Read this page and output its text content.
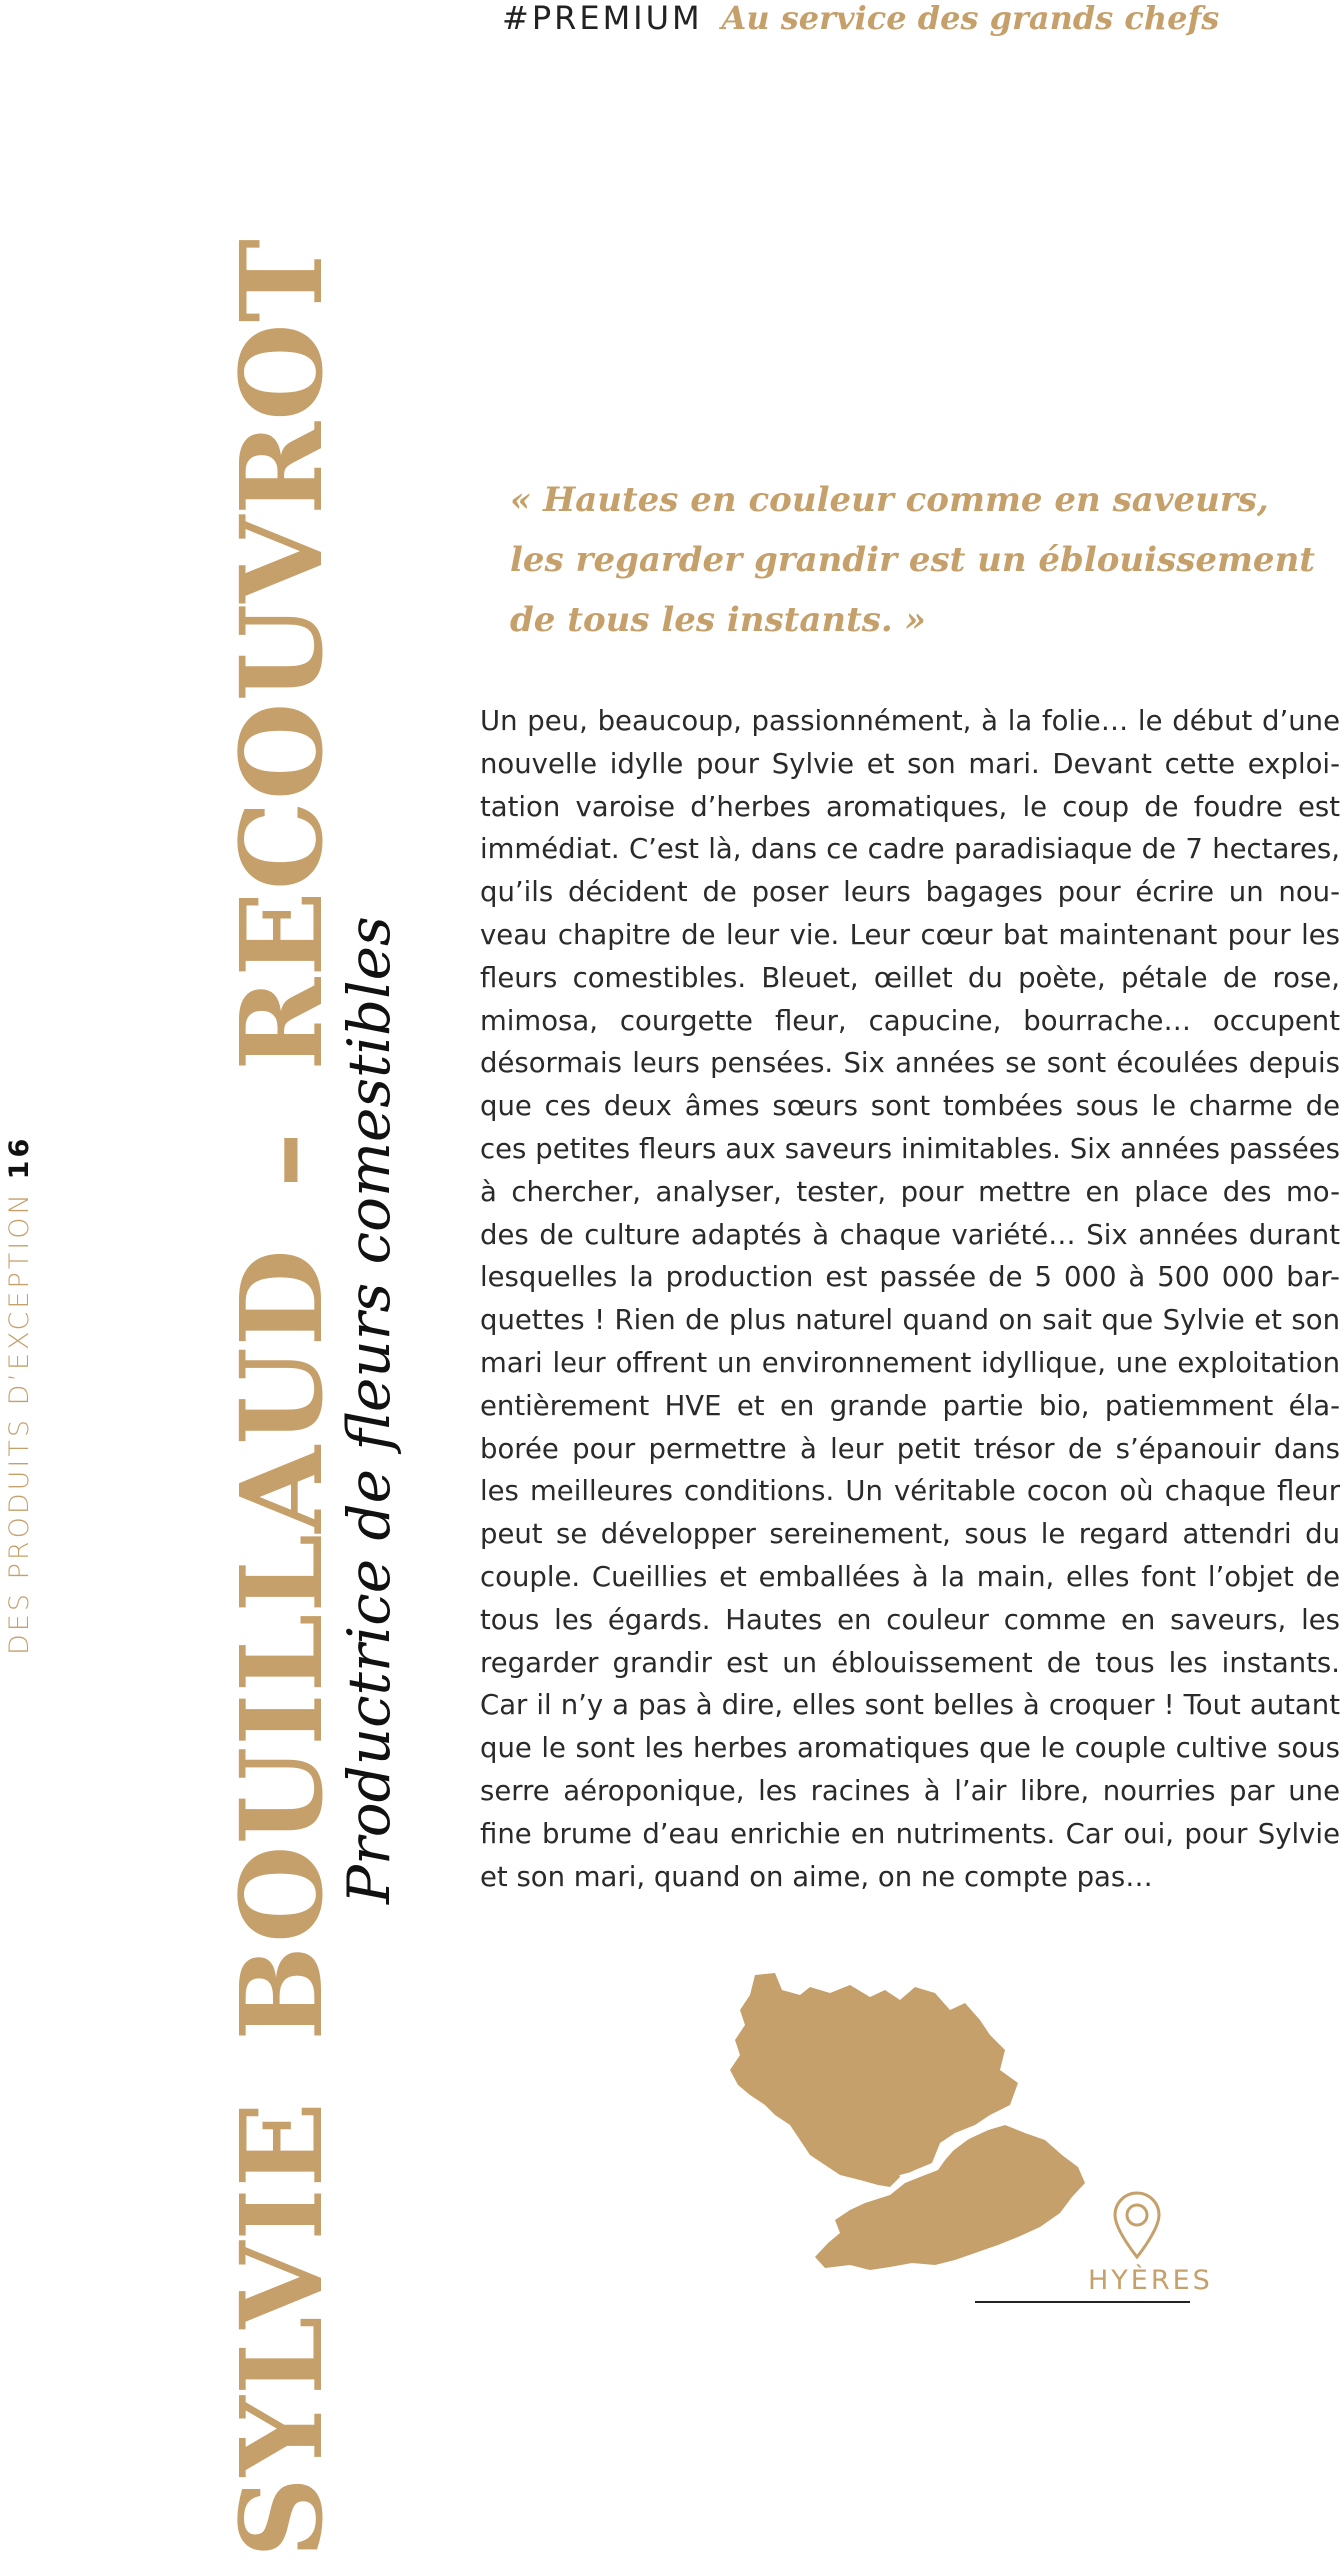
#PREMIUM Au service des grands chefs
DES PRODUITS D’EXCEPTION16 SYLVIE BOUILLAUD – RECOUVROT
Productrice de fleurs comestibles

« Hautes en couleur comme en saveurs,

les regarder grandir est un éblouissement

de tous les instants. »

Un peu, beaucoup, passionnément, à la folie… le début d’une

nouvelle idylle pour Sylvie et son mari. Devant cette exploi-

tation varoise d’herbes aromatiques, le coup de foudre est

immédiat. C’est là, dans ce cadre paradisiaque de 7 hectares,

qu’ils décident de poser leurs bagages pour écrire un nou-

veau chapitre de leur vie. Leur cœur bat maintenant pour les

fleurs comestibles. Bleuet, œillet du poète, pétale de rose,

mimosa, courgette fleur, capucine, bourrache… occupent

désormais leurs pensées. Six années se sont écoulées depuis

que ces deux âmes sœurs sont tombées sous le charme de

ces petites fleurs aux saveurs inimitables. Six années passées

à chercher, analyser, tester, pour mettre en place des mo-

des de culture adaptés à chaque variété… Six années durant

lesquelles la production est passée de 5 000 à 500 000 bar-

quettes ! Rien de plus naturel quand on sait que Sylvie et son

mari leur offrent un environnement idyllique, une exploitation

entièrement HVE et en grande partie bio, patiemment éla-

borée pour permettre à leur petit trésor de s’épanouir dans

les meilleures conditions. Un véritable cocon où chaque fleur

peut se développer sereinement, sous le regard attendri du

couple. Cueillies et emballées à la main, elles font l’objet de

tous les égards. Hautes en couleur comme en saveurs, les

regarder grandir est un éblouissement de tous les instants.

Car il n’y a pas à dire, elles sont belles à croquer ! Tout autant

que le sont les herbes aromatiques que le couple cultive sous

serre aéroponique, les racines à l’air libre, nourries par une

fine brume d’eau enrichie en nutriments. Car oui, pour Sylvie

et son mari, quand on aime, on ne compte pas…

HYÈRES
